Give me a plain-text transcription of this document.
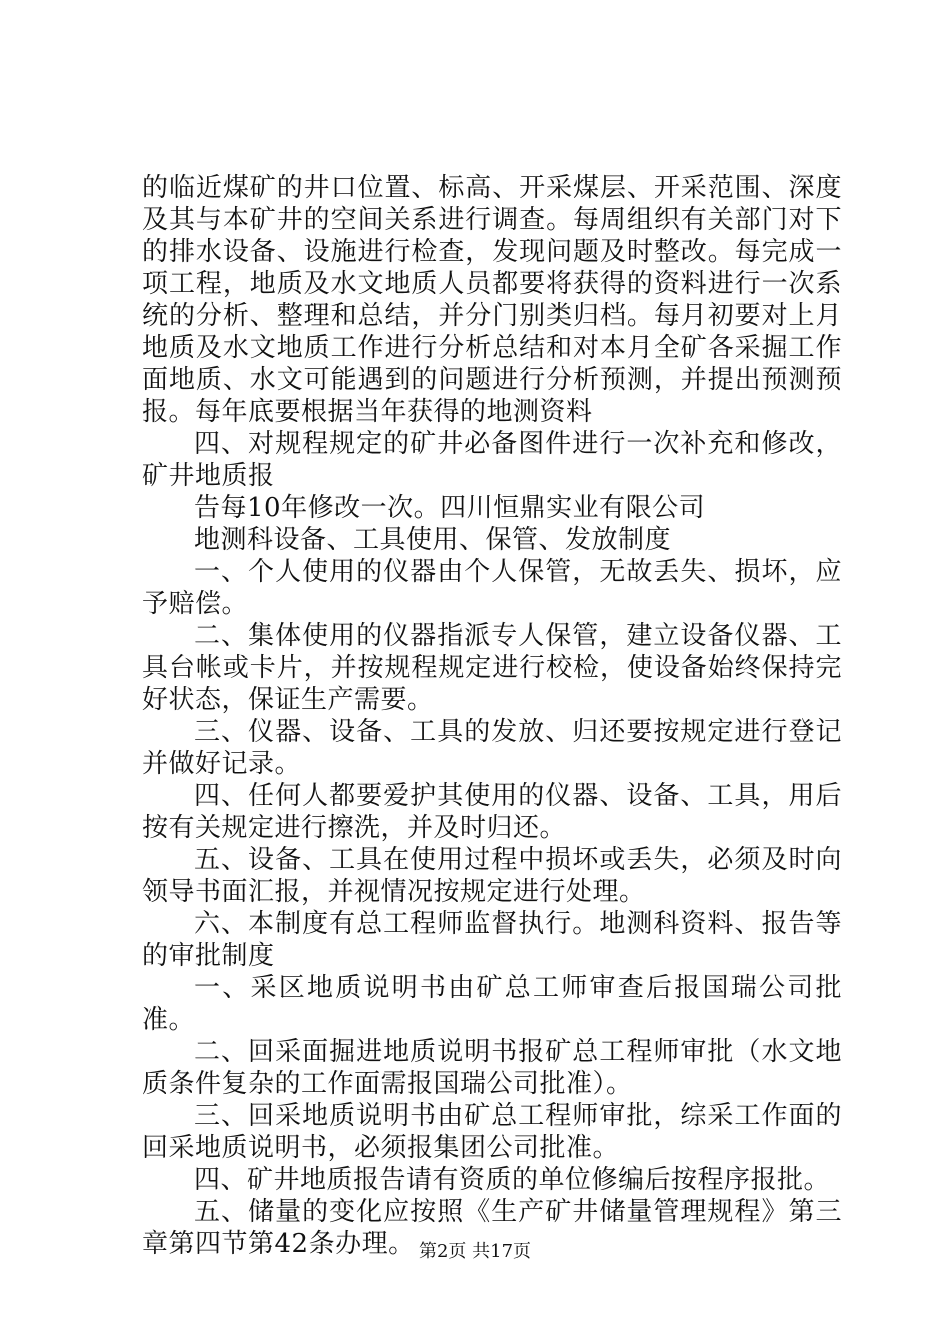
的临近煤矿的井口位置、标高、开采煤层、开采范围、深度及其与本矿井的空间关系进行调查。每周组织有关部门对下的排水设备、设施进行检查，发现问题及时整改。每完成一项工程，地质及水文地质人员都要将获得的资料进行一次系统的分析、整理和总结，并分门别类归档。每月初要对上月地质及水文地质工作进行分析总结和对本月全矿各采掘工作面地质、水文可能遇到的问题进行分析预测，并提出预测预报。每年底要根据当年获得的地测资料

四、对规程规定的矿井必备图件进行一次补充和修改，矿井地质报

告每10年修改一次。四川恒鼎实业有限公司

地测科设备、工具使用、保管、发放制度

一、个人使用的仪器由个人保管，无故丢失、损坏，应予赔偿。

二、集体使用的仪器指派专人保管，建立设备仪器、工具台帐或卡片，并按规程规定进行校检，使设备始终保持完好状态，保证生产需要。

三、仪器、设备、工具的发放、归还要按规定进行登记并做好记录。

四、任何人都要爱护其使用的仪器、设备、工具，用后按有关规定进行擦洗，并及时归还。

五、设备、工具在使用过程中损坏或丢失，必须及时向领导书面汇报，并视情况按规定进行处理。

六、本制度有总工程师监督执行。地测科资料、报告等的审批制度

一、采区地质说明书由矿总工师审查后报国瑞公司批准。

二、回采面掘进地质说明书报矿总工程师审批（水文地质条件复杂的工作面需报国瑞公司批准）。

三、回采地质说明书由矿总工程师审批，综采工作面的回采地质说明书，必须报集团公司批准。

四、矿井地质报告请有资质的单位修编后按程序报批。

五、储量的变化应按照《生产矿井储量管理规程》第三章第四节第42条办理。 第2页 共17页
